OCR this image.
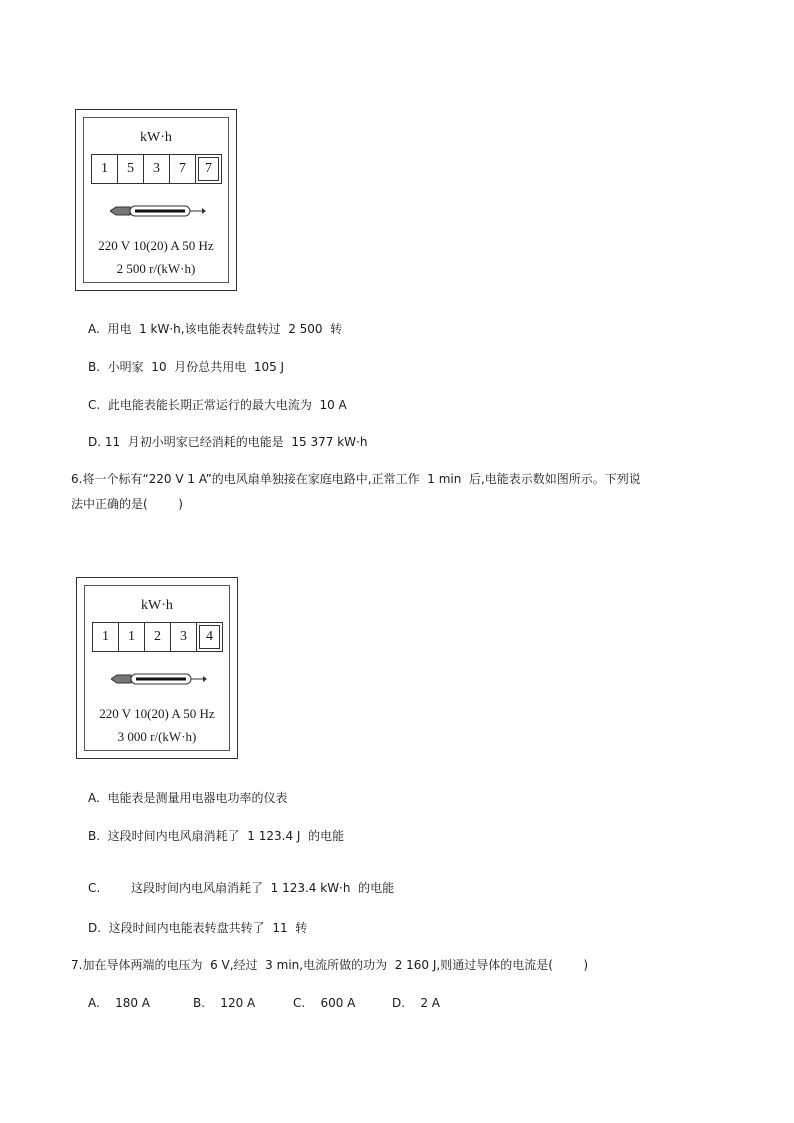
kW·h
1	5	3	7	7
220 V 10(20) A 50 Hz
2 500 r/(kW·h)
A.  用电  1 kW·h,该电能表转盘转过  2 500  转
B.  小明家  10  月份总共用电  105 J
C.  此电能表能长期正常运行的最大电流为  10 A
D. 11  月初小明家已经消耗的电能是  15 377 kW·h
6.将一个标有“220 V 1 A”的电风扇单独接在家庭电路中,正常工作  1 min  后,电能表示数如图所示。下列说
法中正确的是(        )
kW·h
1	1	2	3	4
220 V 10(20) A 50 Hz
3 000 r/(kW·h)
A.  电能表是测量用电器电功率的仪表
B.  这段时间内电风扇消耗了  1 123.4 J  的电能
C.	这段时间内电风扇消耗了  1 123.4 kW·h  的电能
D.  这段时间内电能表转盘共转了  11  转
7.加在导体两端的电压为  6 V,经过  3 min,电流所做的功为  2 160 J,则通过导体的电流是(        )
A.    180 A	B.    120 A	C.    600 A	D.    2 A
